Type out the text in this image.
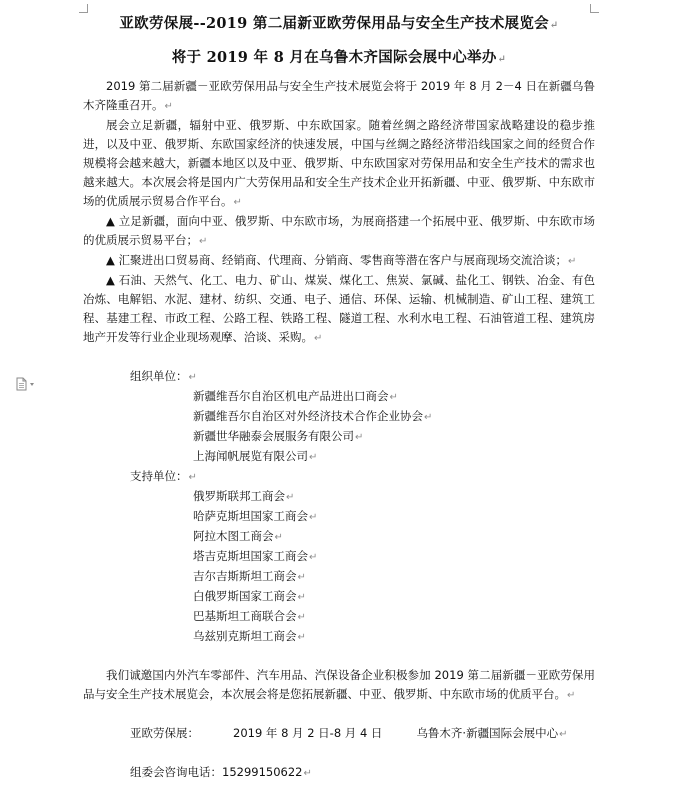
亚欧劳保展--2019 第二届新亚欧劳保用品与安全生产技术展览会↵
将于 2019 年 8 月在乌鲁木齐国际会展中心举办↵

2019 第二届新疆－亚欧劳保用品与安全生产技术展览会将于 2019 年 8 月 2－4 日在新疆乌鲁木齐隆重召开。↵

展会立足新疆，辐射中亚、俄罗斯、中东欧国家。随着丝绸之路经济带国家战略建设的稳步推进，以及中亚、俄罗斯、东欧国家经济的快速发展，中国与丝绸之路经济带沿线国家之间的经贸合作规模将会越来越大，新疆本地区以及中亚、俄罗斯、中东欧国家对劳保用品和安全生产技术的需求也越来越大。本次展会将是国内广大劳保用品和安全生产技术企业开拓新疆、中亚、俄罗斯、中东欧市场的优质展示贸易合作平台。↵

▲ 立足新疆，面向中亚、俄罗斯、中东欧市场，为展商搭建一个拓展中亚、俄罗斯、中东欧市场的优质展示贸易平台；↵

▲ 汇聚进出口贸易商、经销商、代理商、分销商、零售商等潜在客户与展商现场交流洽谈；↵

▲ 石油、天然气、化工、电力、矿山、煤炭、煤化工、焦炭、氯碱、盐化工、钢铁、冶金、有色冶炼、电解铝、水泥、建材、纺织、交通、电子、通信、环保、运输、机械制造、矿山工程、建筑工程、基建工程、市政工程、公路工程、铁路工程、隧道工程、水利水电工程、石油管道工程、建筑房地产开发等行业企业现场观摩、洽谈、采购。↵

组织单位：↵
新疆维吾尔自治区机电产品进出口商会↵
新疆维吾尔自治区对外经济技术合作企业协会↵
新疆世华融泰会展服务有限公司↵
上海闻帆展览有限公司↵
支持单位：↵
俄罗斯联邦工商会↵
哈萨克斯坦国家工商会↵
阿拉木图工商会↵
塔吉克斯坦国家工商会↵
吉尔吉斯斯坦工商会↵
白俄罗斯国家工商会↵
巴基斯坦工商联合会↵
乌兹别克斯坦工商会↵

我们诚邀国内外汽车零部件、汽车用品、汽保设备企业积极参加 2019 第二届新疆－亚欧劳保用品与安全生产技术展览会，本次展会将是您拓展新疆、中亚、俄罗斯、中东欧市场的优质平台。↵

亚欧劳保展：	2019 年 8 月 2 日-8 月 4 日	乌鲁木齐·新疆国际会展中心↵
组委会咨询电话：15299150622↵
